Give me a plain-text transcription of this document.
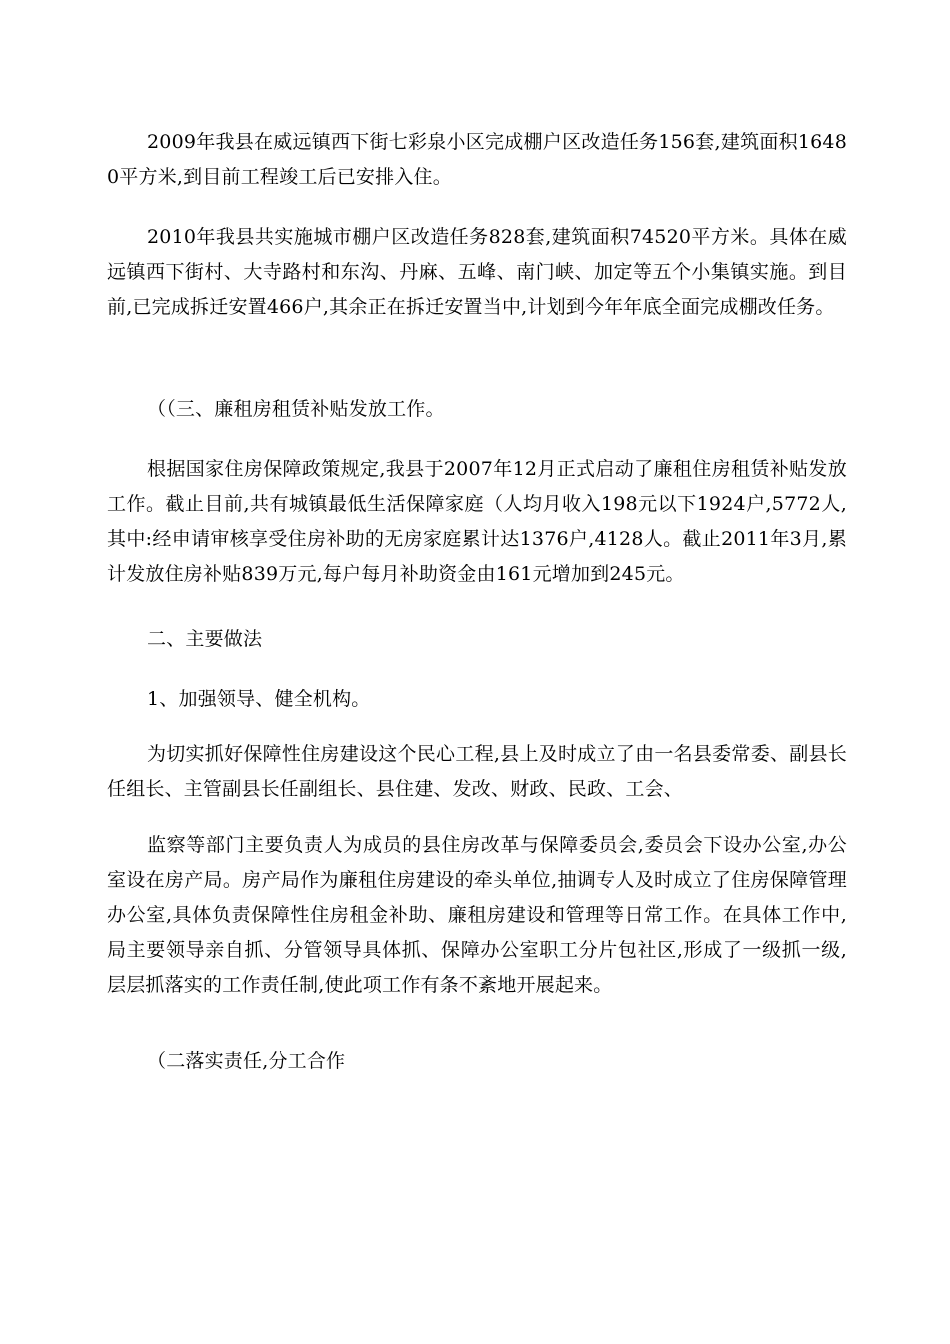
2009年我县在威远镇西下街七彩泉小区完成棚户区改造任务156套,建筑面积16480平方米,到目前工程竣工后已安排入住。

2010年我县共实施城市棚户区改造任务828套,建筑面积74520平方米。具体在威远镇西下街村、大寺路村和东沟、丹麻、五峰、南门峡、加定等五个小集镇实施。到目前,已完成拆迁安置466户,其余正在拆迁安置当中,计划到今年年底全面完成棚改任务。

（（三、廉租房租赁补贴发放工作。

根据国家住房保障政策规定,我县于2007年12月正式启动了廉租住房租赁补贴发放工作。截止目前,共有城镇最低生活保障家庭（人均月收入198元以下1924户,5772人,其中:经申请审核享受住房补助的无房家庭累计达1376户,4128人。截止2011年3月,累计发放住房补贴839万元,每户每月补助资金由161元增加到245元。

二、主要做法

1、加强领导、健全机构。

为切实抓好保障性住房建设这个民心工程,县上及时成立了由一名县委常委、副县长任组长、主管副县长任副组长、县住建、发改、财政、民政、工会、

监察等部门主要负责人为成员的县住房改革与保障委员会,委员会下设办公室,办公室设在房产局。房产局作为廉租住房建设的牵头单位,抽调专人及时成立了住房保障管理办公室,具体负责保障性住房租金补助、廉租房建设和管理等日常工作。在具体工作中,局主要领导亲自抓、分管领导具体抓、保障办公室职工分片包社区,形成了一级抓一级,层层抓落实的工作责任制,使此项工作有条不紊地开展起来。

（二落实责任,分工合作
